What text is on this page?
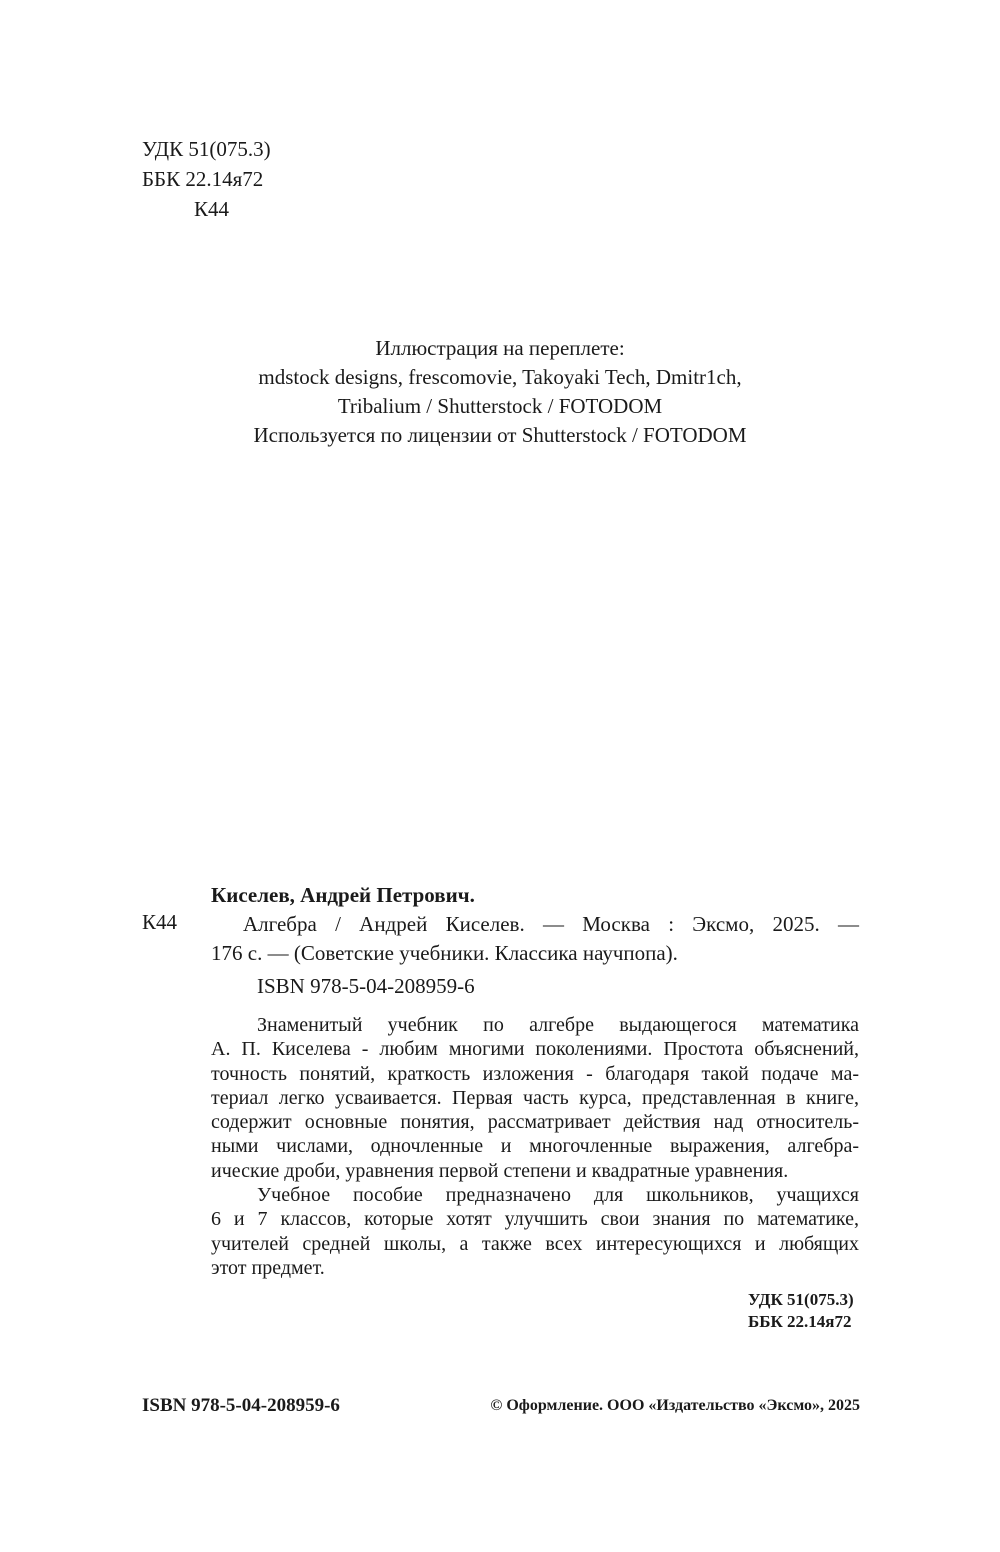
УДК 51(075.3)
ББК 22.14я72
К44
Иллюстрация на переплете:
mdstock designs, frescomovie, Takoyaki Tech, Dmitr1ch,
Tribalium / Shutterstock / FOTODOM
Используется по лицензии от Shutterstock / FOTODOM
Киселев, Андрей Петрович.
К44	Алгебра / Андрей Киселев. — Москва : Эксмо, 2025. —
176 с. — (Советские учебники. Классика научпопа).
ISBN 978-5-04-208959-6
Знаменитый учебник по алгебре выдающегося математика
А. П. Киселева - любим многими поколениями. Простота объяснений,
точность понятий, краткость изложения - благодаря такой подаче ма-
териал легко усваивается. Первая часть курса, представленная в книге,
содержит основные понятия, рассматривает действия над относитель-
ными числами, одночленные и многочленные выражения, алгебра-
ические дроби, уравнения первой степени и квадратные уравнения.
Учебное пособие предназначено для школьников, учащихся
6 и 7 классов, которые хотят улучшить свои знания по математике,
учителей средней школы, а также всех интересующихся и любящих
этот предмет.
УДК 51(075.3)
ББК 22.14я72
ISBN 978-5-04-208959-6	© Оформление. ООО «Издательство «Эксмо», 2025
